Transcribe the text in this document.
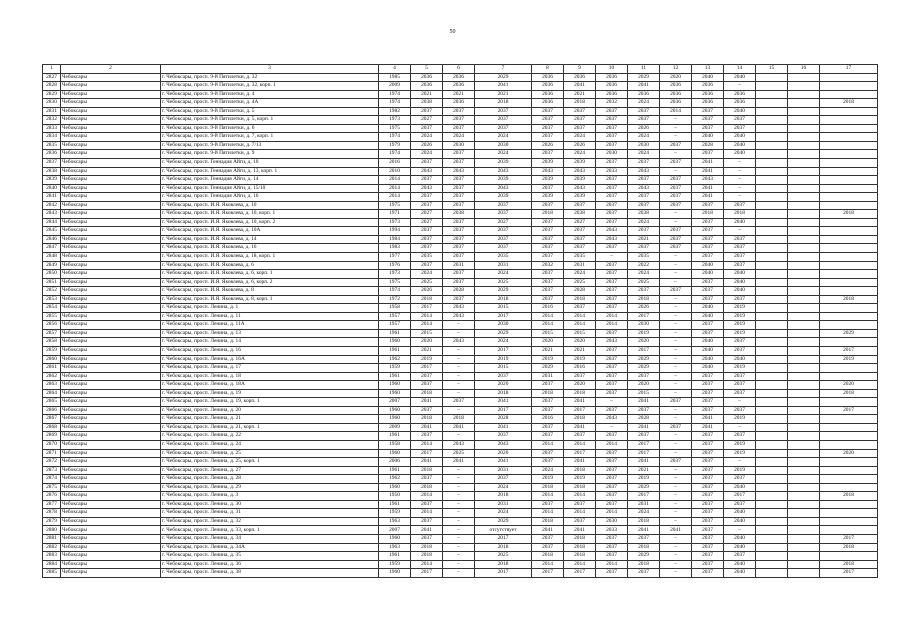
50
1	2	3	4	5	6	7	8	9	10	11	12	13	14	15	16	17
2827	Чебоксары	г. Чебоксары, просп. 9-й Пятилетки, д. 32	1985	2036	2036	2029	2036	2036	2036	2029	2020	2040	2040			
2828	Чебоксары	г. Чебоксары, просп. 9-й Пятилетки, д. 32, корп. 1	2009	2036	2036	2041	2036	2041	2036	2041	2036	2036	–			
2829	Чебоксары	г. Чебоксары, просп. 9-й Пятилетки, д. 4	1974	2021	2021	2021	2036	2021	2036	2036	2036	2036	2036			
2830	Чебоксары	г. Чебоксары, просп. 9-й Пятилетки, д. 4А	1974	2038	2036	2018	2036	2018	2032	2024	2036	2036	2036			2018
2831	Чебоксары	г. Чебоксары, просп. 9-й Пятилетки, д. 5	1982	2037	2037	2037	2037	2037	2037	2037	2014	2037	2040			
2832	Чебоксары	г. Чебоксары, просп. 9-й Пятилетки, д. 5, корп. 1	1973	2027	2037	2037	2037	2037	2037	2037	–	2037	2037			
2833	Чебоксары	г. Чебоксары, просп. 9-й Пятилетки, д. 6	1975	2037	2037	2037	2037	2037	2037	2026	–	2037	2037			
2834	Чебоксары	г. Чебоксары, просп. 9-й Пятилетки, д. 7, корп. 1	1974	2024	2024	2024	2037	2024	2037	2024	–	2040	2040			
2835	Чебоксары	г. Чебоксары, просп. 9-й Пятилетки, д. 7/13	1979	2026	2030	2030	2026	2026	2037	2030	2037	2028	2040			
2836	Чебоксары	г. Чебоксары, просп. 9-й Пятилетки, д. 9	1974	2024	2037	2024	2037	2024	2030	2024	–	2037	2040			
2837	Чебоксары	г. Чебоксары, просп. Геннадия Айги, д. 10	2016	2037	2037	2039	2039	2039	2037	2037	2037	2041	–			
2838	Чебоксары	г. Чебоксары, просп. Геннадия Айги, д. 13, корп. 1	2010	2043	2043	2043	2043	2043	2033	2043	–	2041	–			
2839	Чебоксары	г. Чебоксары, просп. Геннадия Айги, д. 14	2014	2037	2037	2039	2039	2039	2037	2037	2037	2043	–			
2840	Чебоксары	г. Чебоксары, просп. Геннадия Айги, д. 15/10	2014	2043	2037	2043	2037	2043	2037	2043	2037	2041	–			
2841	Чебоксары	г. Чебоксары, просп. Геннадия Айги, д. 16	2014	2037	2037	2039	2039	2039	2037	2037	2037	2041	–			
2842	Чебоксары	г. Чебоксары, просп. И.Я. Яковлева, д. 10	1975	2037	2037	2037	2037	2037	2037	2037	2037	2037	2037			
2843	Чебоксары	г. Чебоксары, просп. И.Я. Яковлева, д. 10, корп. 1	1971	2027	2038	2037	2018	2038	2037	2038	–	2018	2018			2018
2844	Чебоксары	г. Чебоксары, просп. И.Я. Яковлева, д. 10, корп. 2	1973	2027	2037	2027	2037	2027	2037	2024	–	2037	2040			
2845	Чебоксары	г. Чебоксары, просп. И.Я. Яковлева, д. 10А	1994	2037	2037	2037	2037	2037	2043	2037	2037	2037	–			
2846	Чебоксары	г. Чебоксары, просп. И.Я. Яковлева, д. 14	1984	2037	2037	2037	2037	2037	2043	2021	2037	2037	2037			
2847	Чебоксары	г. Чебоксары, просп. И.Я. Яковлева, д. 16	1983	2037	2037	2037	2037	2037	2037	2037	2037	2037	2037			
2848	Чебоксары	г. Чебоксары, просп. И.Я. Яковлева, д. 18, корп. 1	1977	2035	2037	2035	2037	2035	–	2035	–	2037	2037			
2849	Чебоксары	г. Чебоксары, просп. И.Я. Яковлева, д. 6	1976	2037	2031	2031	2032	2031	2037	2022	–	2040	2037			
2850	Чебоксары	г. Чебоксары, просп. И.Я. Яковлева, д. 6, корп. 1	1973	2024	2037	2024	2037	2024	2037	2024	–	2040	2040			
2851	Чебоксары	г. Чебоксары, просп. И.Я. Яковлева, д. 6, корп. 2	1975	2025	2037	2025	2037	2025	2037	2025	–	2037	2040			
2852	Чебоксары	г. Чебоксары, просп. И.Я. Яковлева, д. 8	1974	2026	2028	2029	2037	2028	2037	2037	2037	2037	2040			
2853	Чебоксары	г. Чебоксары, просп. И.Я. Яковлева, д. 8, корп. 1	1972	2018	2037	2018	2037	2018	2037	2018	–	2037	2037			2018
2854	Чебоксары	г. Чебоксары, просп. Ленина, д. 1	1958	2017	2043	2015	2016	2037	2037	2026	–	2040	2019			
2855	Чебоксары	г. Чебоксары, просп. Ленина, д. 11	1957	2014	2043	2017	2014	2014	2014	2017	–	2040	2019			
2856	Чебоксары	г. Чебоксары, просп. Ленина, д. 11А	1957	2014	–	2030	2014	2014	2014	2030	–	2037	2019			
2857	Чебоксары	г. Чебоксары, просп. Ленина, д. 13	1961	2015	–	2029	2015	2015	2037	2019	–	2037	2019			2029
2858	Чебоксары	г. Чебоксары, просп. Ленина, д. 14	1960	2020	2043	2024	2020	2020	2043	2020	–	2040	2037			
2859	Чебоксары	г. Чебоксары, просп. Ленина, д. 16	1961	2021	–	2017	2021	2021	2037	2017	–	2040	2037			2017
2860	Чебоксары	г. Чебоксары, просп. Ленина, д. 16А	1962	2019	–	2019	2019	2019	2037	2029	–	2040	2040			2019
2861	Чебоксары	г. Чебоксары, просп. Ленина, д. 17	1959	2017	–	2015	2029	2016	2037	2029	–	2040	2019			
2862	Чебоксары	г. Чебоксары, просп. Ленина, д. 18	1961	2037	–	2037	2031	2037	2037	2037	–	2037	2037			
2863	Чебоксары	г. Чебоксары, просп. Ленина, д. 18А	1960	2037	–	2020	2037	2020	2037	2020	–	2037	2037			2020
2864	Чебоксары	г. Чебоксары, просп. Ленина, д. 19	1960	2018	–	2018	2018	2018	2037	2015	–	2037	2037			2018
2865	Чебоксары	г. Чебоксары, просп. Ленина, д. 19, корп. 1	2007	2041	2037	2041	2037	2041	–	2041	2037	2037	–			
2866	Чебоксары	г. Чебоксары, просп. Ленина, д. 20	1960	2037	–	2017	2037	2017	2037	2037	–	2037	2037			2017
2867	Чебоксары	г. Чебоксары, просп. Ленина, д. 21	1960	2018	2018	2028	2016	2018	2043	2028	–	2041	2019			
2868	Чебоксары	г. Чебоксары, просп. Ленина, д. 21, корп. 1	2009	2041	2041	2041	2037	2041	–	2041	2037	2041	–			
2869	Чебоксары	г. Чебоксары, просп. Ленина, д. 22	1961	2037	–	2037	2037	2037	2037	2037	–	2037	2037			
2870	Чебоксары	г. Чебоксары, просп. Ленина, д. 24	1958	2014	2043	2043	2014	2014	2014	2017	–	2037	2019			
2871	Чебоксары	г. Чебоксары, просп. Ленина, д. 25	1960	2017	2025	2020	2037	2017	2037	2017	–	2037	2019			2020
2872	Чебоксары	г. Чебоксары, просп. Ленина, д. 25, корп. 1	2006	2041	2041	2041	2037	2041	2037	2041	2037	2037	–			
2873	Чебоксары	г. Чебоксары, просп. Ленина, д. 27	1961	2018	–	2031	2024	2018	2037	2021	–	2037	2019			
2874	Чебоксары	г. Чебоксары, просп. Ленина, д. 28	1962	2037	–	2037	2019	2019	2037	2019	–	2037	2037			
2875	Чебоксары	г. Чебоксары, просп. Ленина, д. 29	1960	2018	–	2024	2018	2018	2037	2029	–	2037	2040			
2876	Чебоксары	г. Чебоксары, просп. Ленина, д. 3	1950	2014	–	2018	2014	2014	2037	2017	–	2037	2017			2018
2877	Чебоксары	г. Чебоксары, просп. Ленина, д. 30	1961	2037	–	2031	2037	2037	2037	2031	–	2037	2037			
2878	Чебоксары	г. Чебоксары, просп. Ленина, д. 31	1959	2014	–	2024	2014	2014	2014	2024	–	2037	2040			
2879	Чебоксары	г. Чебоксары, просп. Ленина, д. 32	1963	2037	–	2029	2018	2037	2030	2018	–	2037	2040			
2880	Чебоксары	г. Чебоксары, просп. Ленина, д. 33, корп. 1	2007	2041	–	отсутствует	2041	2041	2033	2041	2041	2037	–			
2881	Чебоксары	г. Чебоксары, просп. Ленина, д. 34	1960	2037	–	2017	2037	2018	2037	2037	–	2037	2040			2017
2882	Чебоксары	г. Чебоксары, просп. Ленина, д. 34А	1963	2018	–	2018	2037	2018	2037	2018	–	2037	2040			2018
2883	Чебоксары	г. Чебоксары, просп. Ленина, д. 35	1961	2018	–	2025	2018	2018	2037	2029	–	2037	2037			
2884	Чебоксары	г. Чебоксары, просп. Ленина, д. 36	1959	2014	–	2018	2014	2014	2014	2018	–	2037	2040			2018
2885	Чебоксары	г. Чебоксары, просп. Ленина, д. 38	1960	2017	–	2017	2017	2017	2037	2037	–	2037	2040			2017
